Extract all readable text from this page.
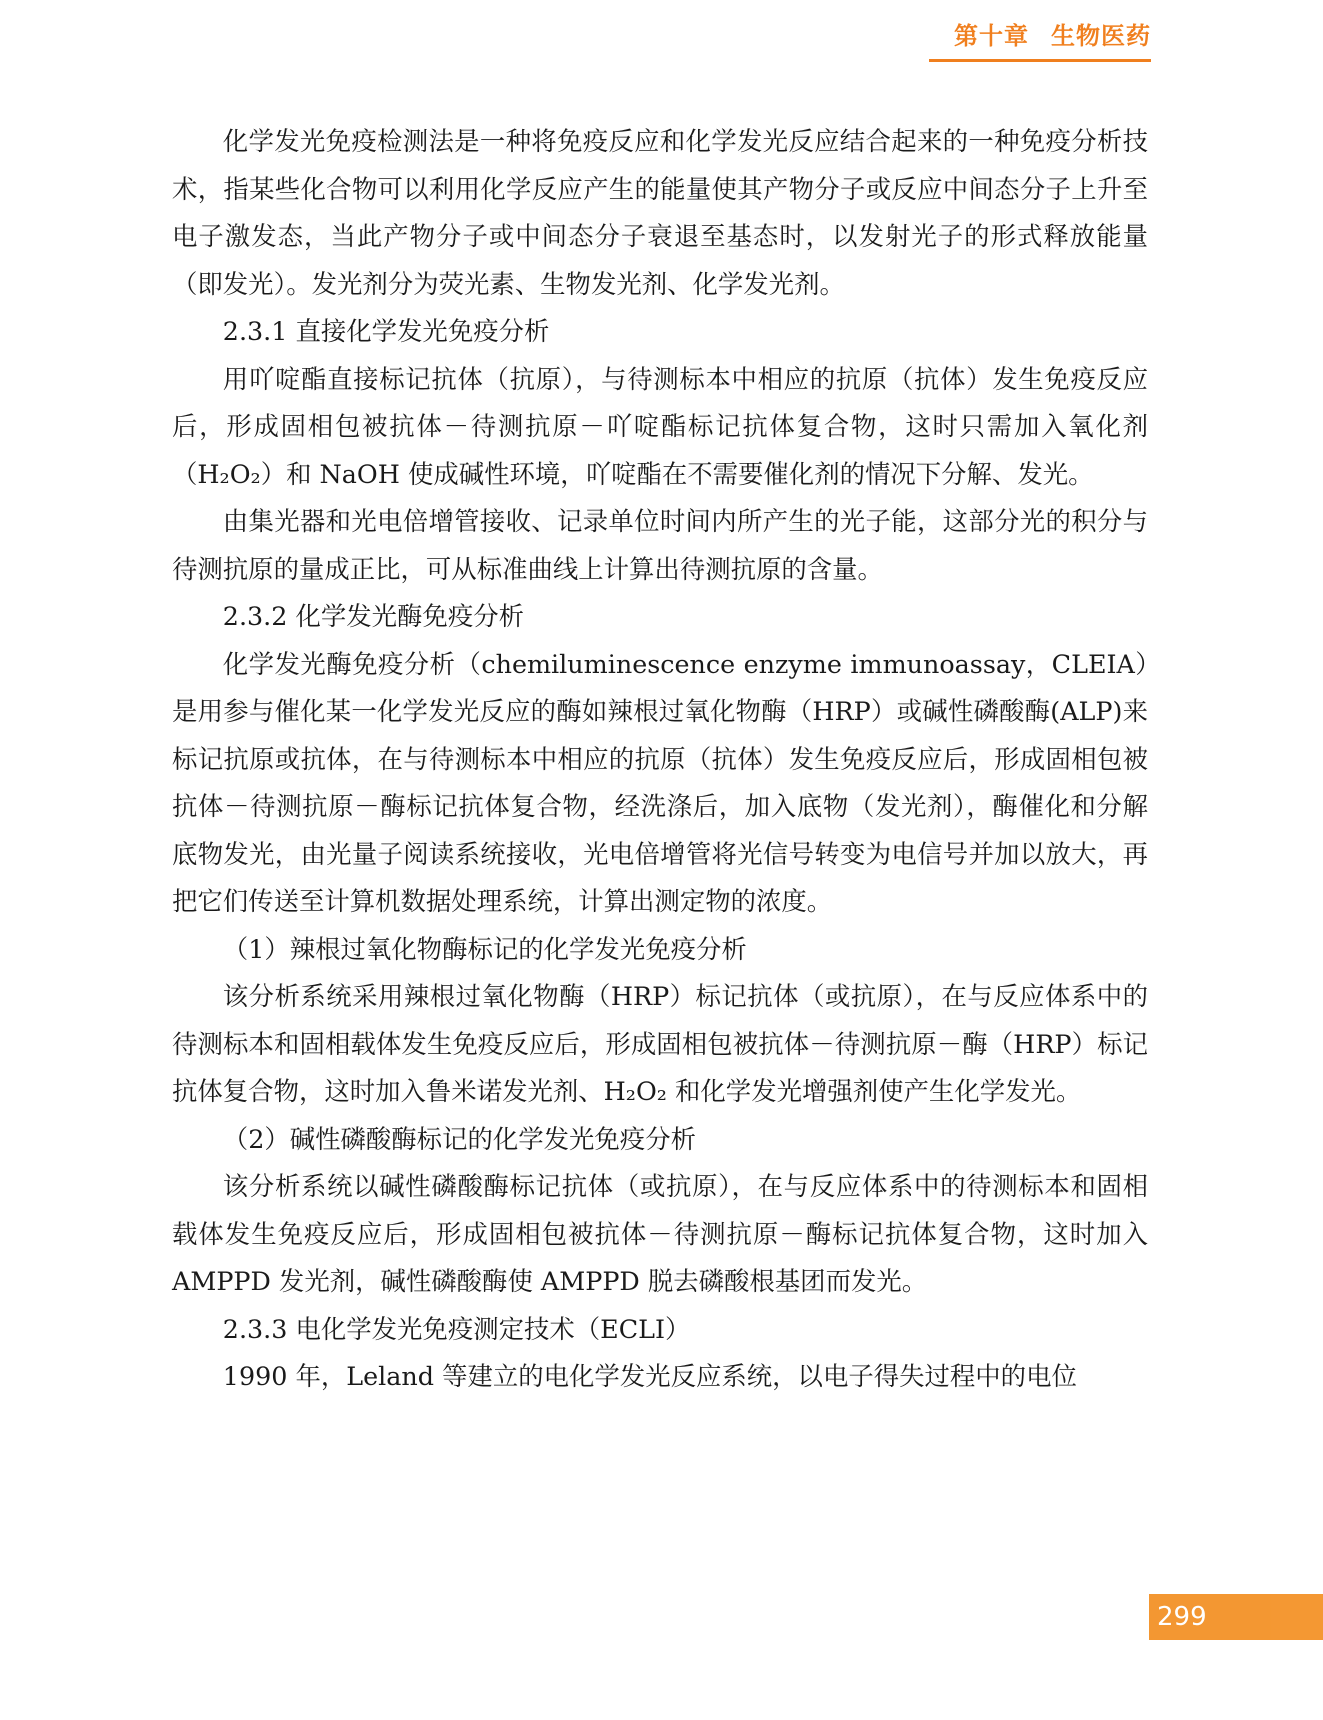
第十章 生物医药

化学发光免疫检测法是一种将免疫反应和化学发光反应结合起来的一种免疫分析技术，指某些化合物可以利用化学反应产生的能量使其产物分子或反应中间态分子上升至电子激发态，当此产物分子或中间态分子衰退至基态时，以发射光子的形式释放能量（即发光）。发光剂分为荧光素、生物发光剂、化学发光剂。

2.3.1 直接化学发光免疫分析

用吖啶酯直接标记抗体（抗原），与待测标本中相应的抗原（抗体）发生免疫反应后，形成固相包被抗体－待测抗原－吖啶酯标记抗体复合物，这时只需加入氧化剂（H₂O₂）和 NaOH 使成碱性环境，吖啶酯在不需要催化剂的情况下分解、发光。

由集光器和光电倍增管接收、记录单位时间内所产生的光子能，这部分光的积分与待测抗原的量成正比，可从标准曲线上计算出待测抗原的含量。

2.3.2 化学发光酶免疫分析

化学发光酶免疫分析（chemiluminescence enzyme immunoassay，CLEIA）是用参与催化某一化学发光反应的酶如辣根过氧化物酶（HRP）或碱性磷酸酶(ALP)来标记抗原或抗体，在与待测标本中相应的抗原（抗体）发生免疫反应后，形成固相包被抗体－待测抗原－酶标记抗体复合物，经洗涤后，加入底物（发光剂），酶催化和分解底物发光，由光量子阅读系统接收，光电倍增管将光信号转变为电信号并加以放大，再把它们传送至计算机数据处理系统，计算出测定物的浓度。

（1）辣根过氧化物酶标记的化学发光免疫分析

该分析系统采用辣根过氧化物酶（HRP）标记抗体（或抗原），在与反应体系中的待测标本和固相载体发生免疫反应后，形成固相包被抗体－待测抗原－酶（HRP）标记抗体复合物，这时加入鲁米诺发光剂、H₂O₂ 和化学发光增强剂使产生化学发光。

（2）碱性磷酸酶标记的化学发光免疫分析

该分析系统以碱性磷酸酶标记抗体（或抗原），在与反应体系中的待测标本和固相载体发生免疫反应后，形成固相包被抗体－待测抗原－酶标记抗体复合物，这时加入 AMPPD 发光剂，碱性磷酸酶使 AMPPD 脱去磷酸根基团而发光。

2.3.3 电化学发光免疫测定技术（ECLI）

1990 年，Leland 等建立的电化学发光反应系统，以电子得失过程中的电位

299
